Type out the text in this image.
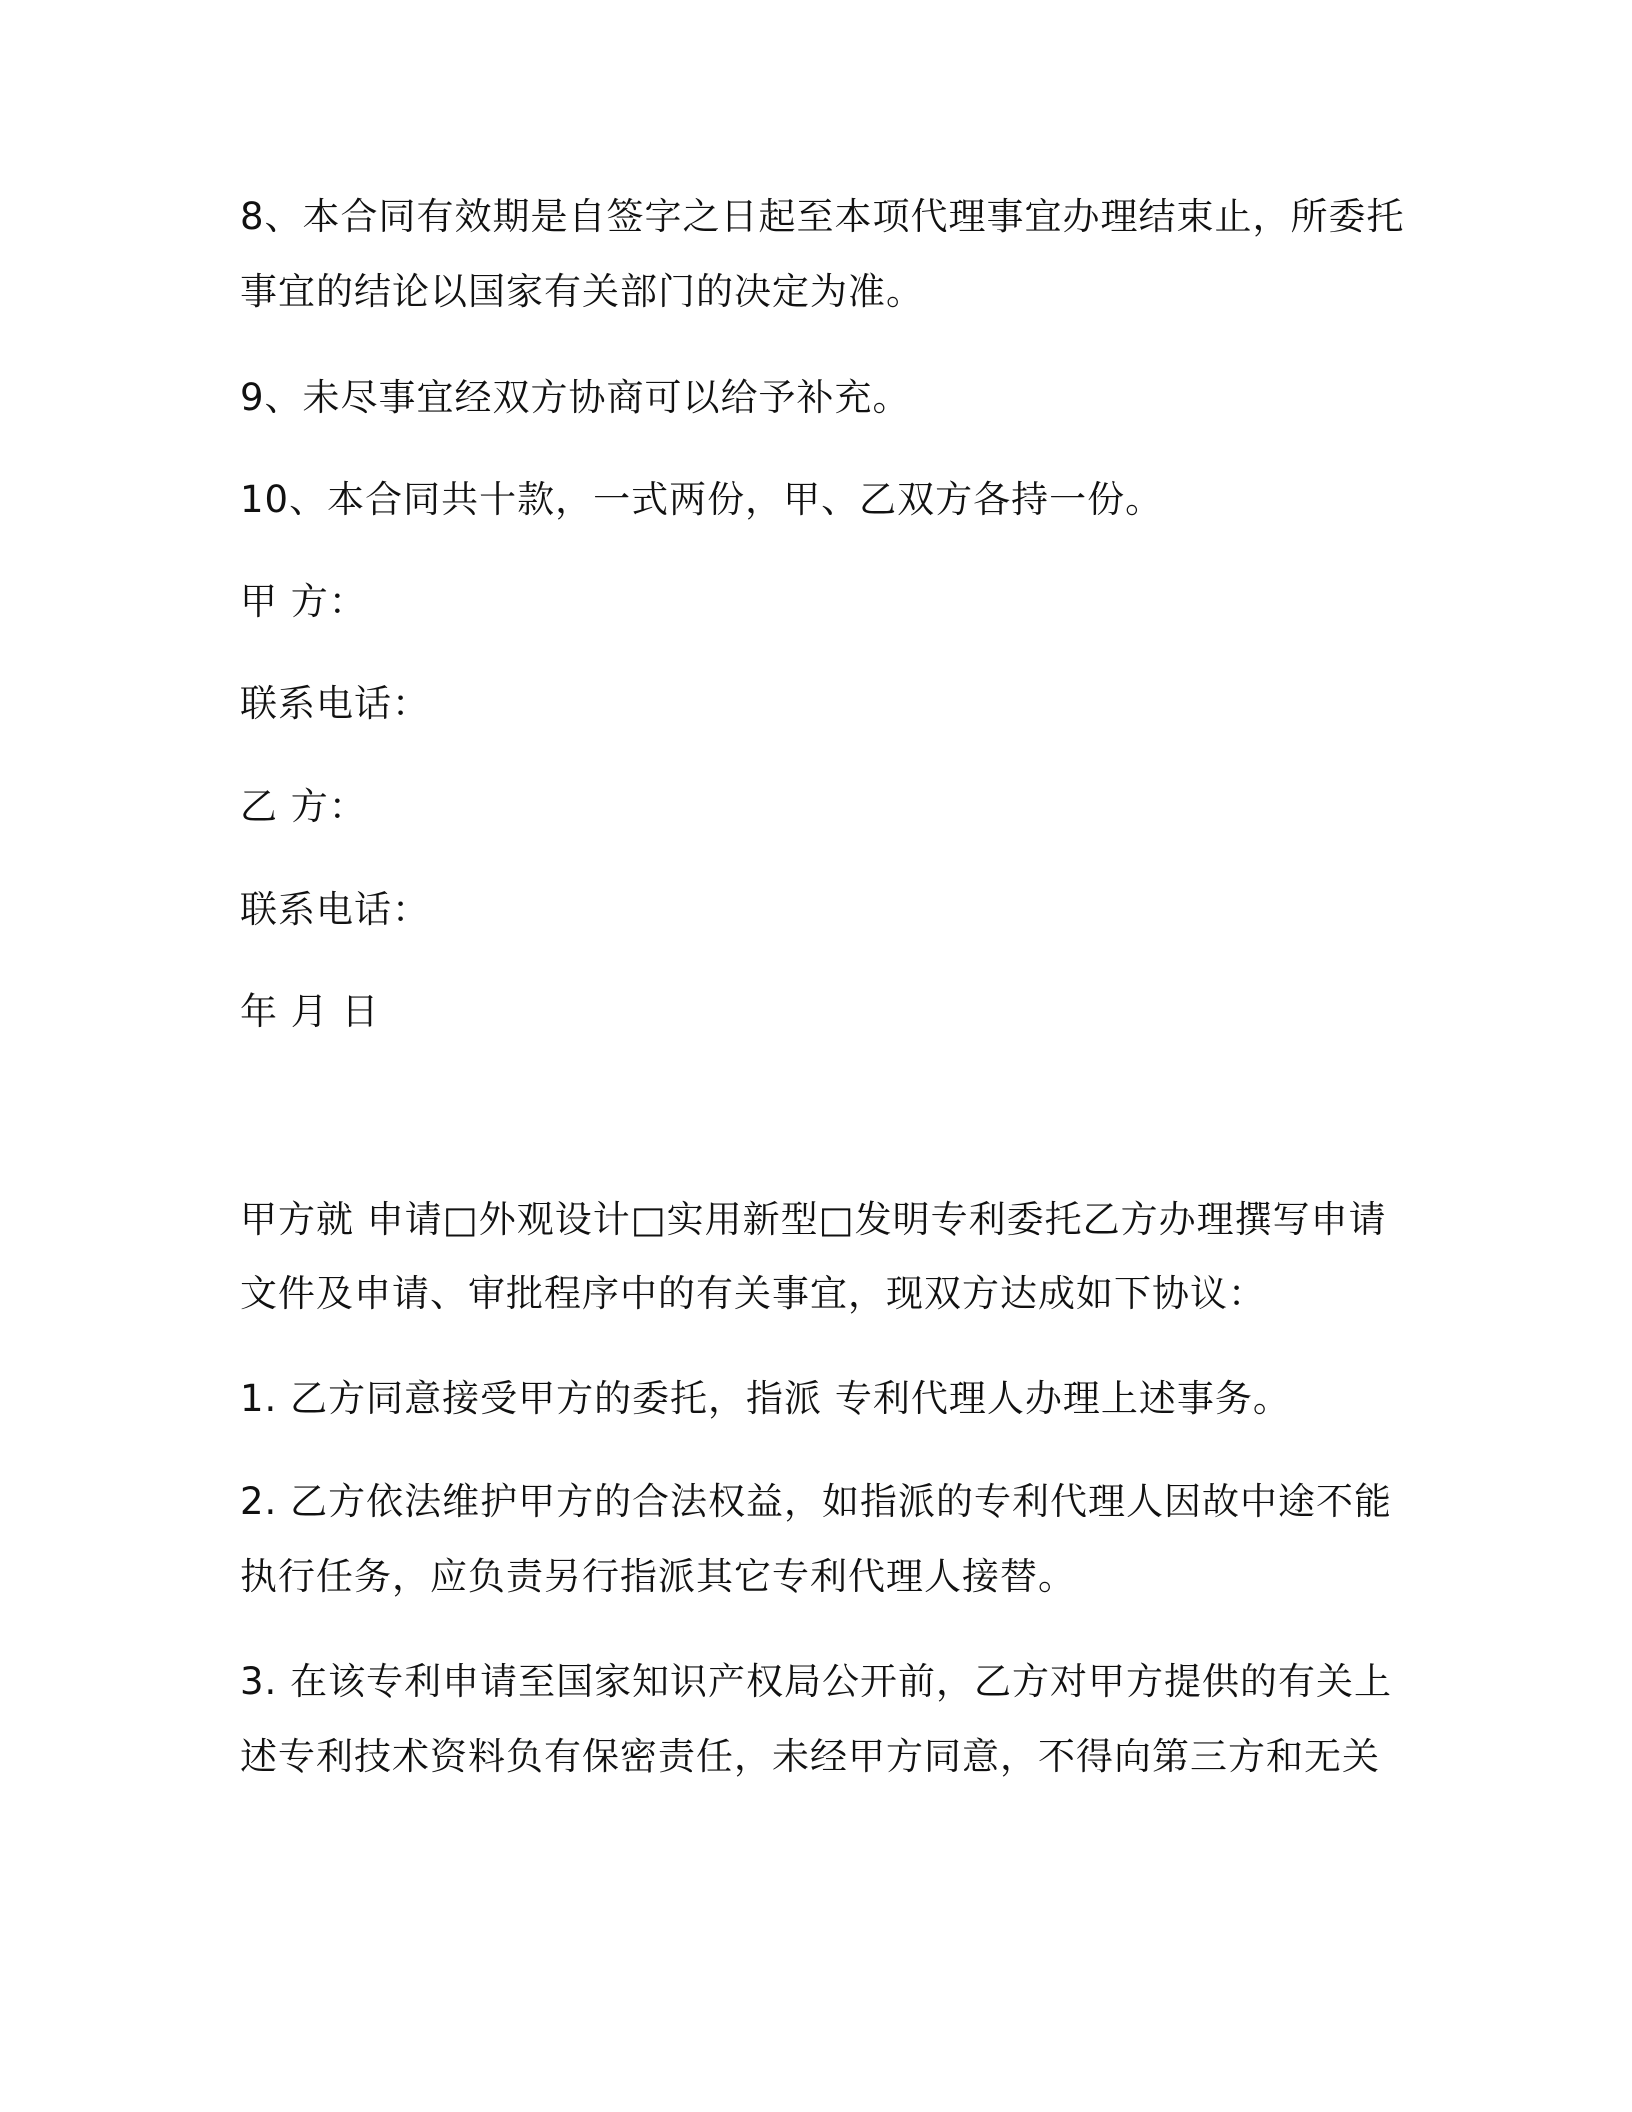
8、本合同有效期是自签字之日起至本项代理事宜办理结束止，所委托
事宜的结论以国家有关部门的决定为准。
9、未尽事宜经双方协商可以给予补充。
10、本合同共十款，一式两份，甲、乙双方各持一份。
甲 方：
联系电话：
乙 方：
联系电话：
年 月 日
甲方就 申请□外观设计□实用新型□发明专利委托乙方办理撰写申请
文件及申请、审批程序中的有关事宜，现双方达成如下协议：
1. 乙方同意接受甲方的委托，指派 专利代理人办理上述事务。
2. 乙方依法维护甲方的合法权益，如指派的专利代理人因故中途不能
执行任务，应负责另行指派其它专利代理人接替。
3. 在该专利申请至国家知识产权局公开前，乙方对甲方提供的有关上
述专利技术资料负有保密责任，未经甲方同意，不得向第三方和无关
